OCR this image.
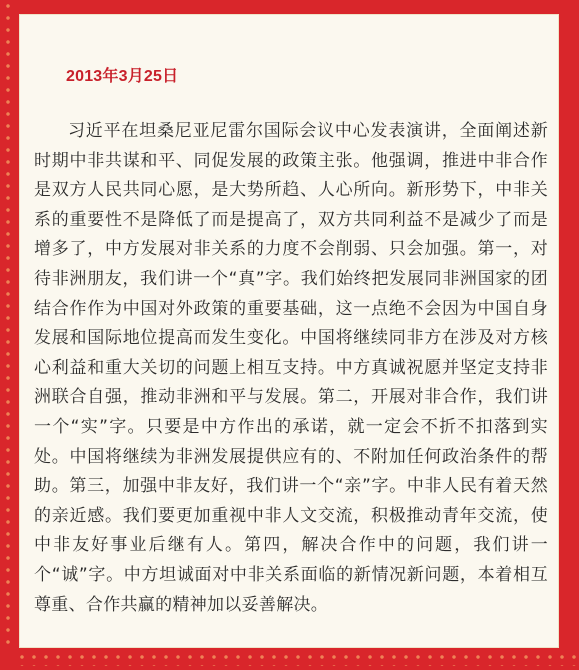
2013年3月25日

习近平在坦桑尼亚尼雷尔国际会议中心发表演讲，全面阐述新时期中非共谋和平、同促发展的政策主张。他强调，推进中非合作是双方人民共同心愿，是大势所趋、人心所向。新形势下，中非关系的重要性不是降低了而是提高了，双方共同利益不是减少了而是增多了，中方发展对非关系的力度不会削弱、只会加强。第一，对待非洲朋友，我们讲一个“真”字。我们始终把发展同非洲国家的团结合作作为中国对外政策的重要基础，这一点绝不会因为中国自身发展和国际地位提高而发生变化。中国将继续同非方在涉及对方核心利益和重大关切的问题上相互支持。中方真诚祝愿并坚定支持非洲联合自强，推动非洲和平与发展。第二，开展对非合作，我们讲一个“实”字。只要是中方作出的承诺，就一定会不折不扣落到实处。中国将继续为非洲发展提供应有的、不附加任何政治条件的帮助。第三，加强中非友好，我们讲一个“亲”字。中非人民有着天然的亲近感。我们要更加重视中非人文交流，积极推动青年交流，使中非友好事业后继有人。第四，解决合作中的问题，我们讲一个“诚”字。中方坦诚面对中非关系面临的新情况新问题，本着相互尊重、合作共赢的精神加以妥善解决。
